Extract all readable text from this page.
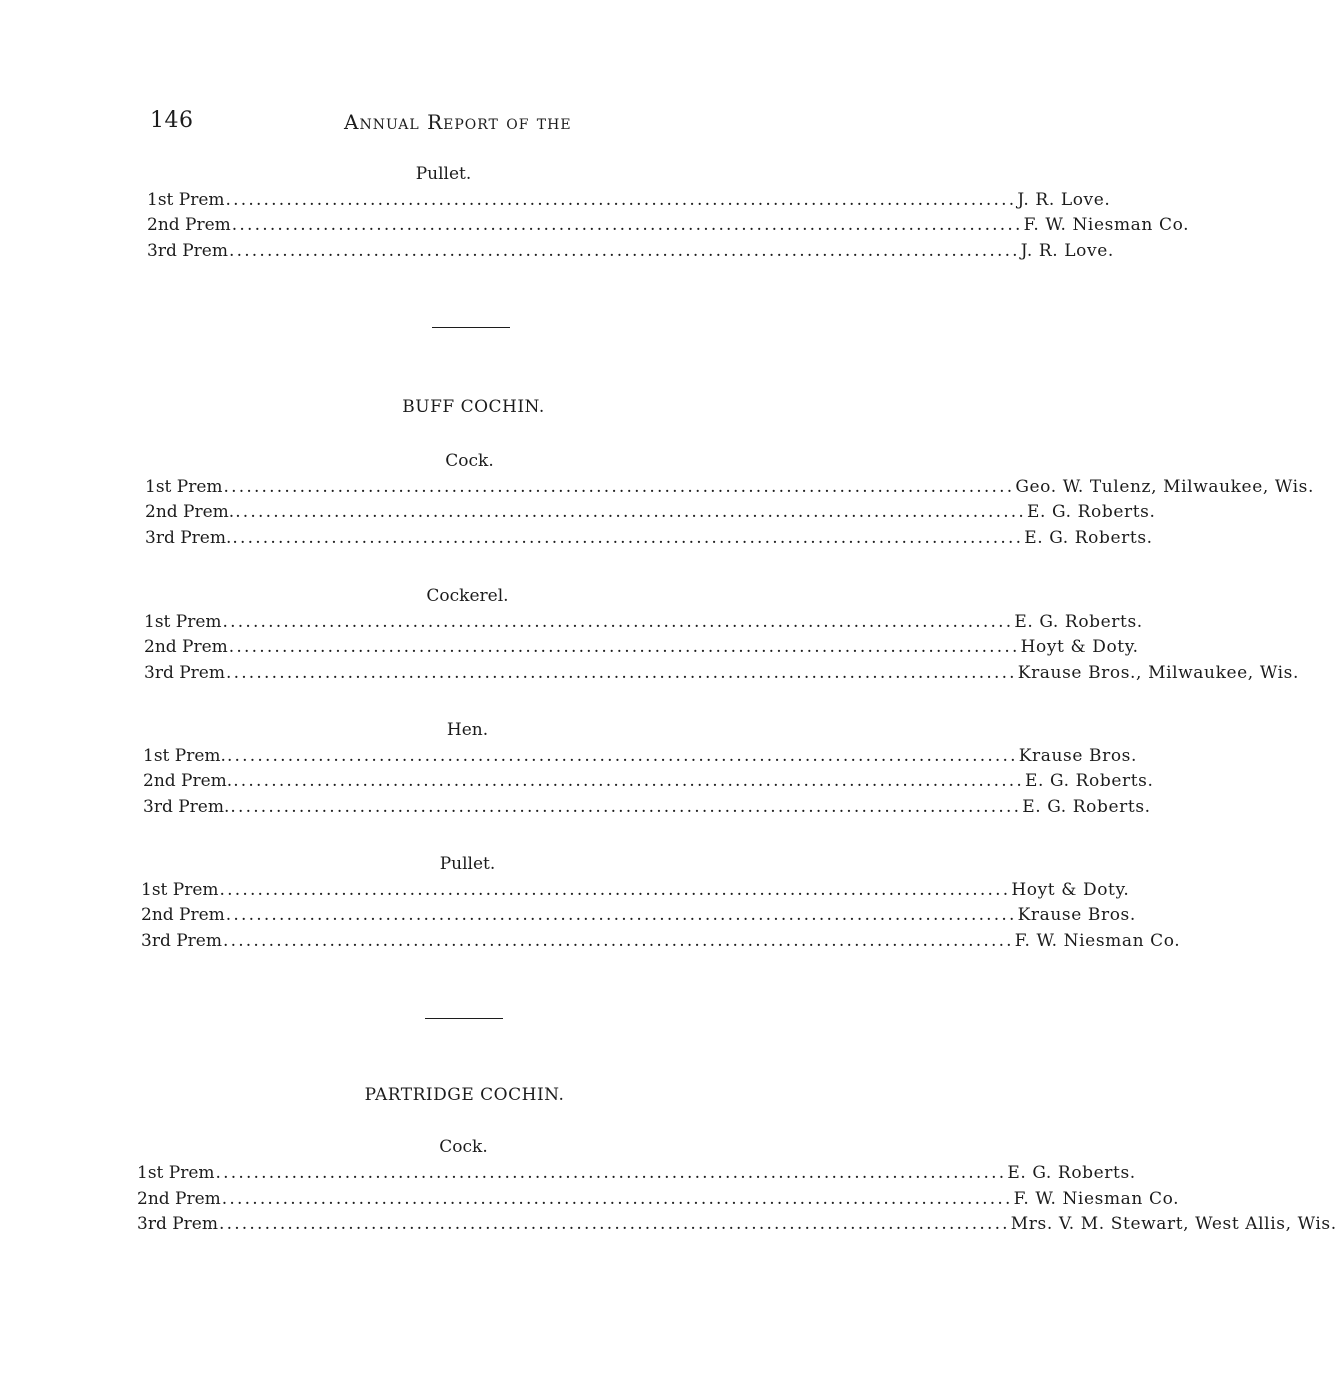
146	Annual Report of the
Pullet.
1st Prem ........................................................................................................ J. R. Love.
2nd Prem ........................................................................................................ F. W. Niesman Co.
3rd Prem ........................................................................................................ J. R. Love.
BUFF COCHIN.
Cock.
1st Prem ........................................................................................................ Geo. W. Tulenz, Milwaukee, Wis.
2nd Prem. ........................................................................................................ E. G. Roberts.
3rd Prem. ........................................................................................................ E. G. Roberts.
Cockerel.
1st Prem ........................................................................................................ E. G. Roberts.
2nd Prem ........................................................................................................ Hoyt & Doty.
3rd Prem ........................................................................................................ Krause Bros., Milwaukee, Wis.
Hen.
1st Prem. ........................................................................................................ Krause Bros.
2nd Prem. ........................................................................................................ E. G. Roberts.
3rd Prem. ........................................................................................................ E. G. Roberts.
Pullet.
1st Prem ........................................................................................................ Hoyt & Doty.
2nd Prem ........................................................................................................ Krause Bros.
3rd Prem ........................................................................................................ F. W. Niesman Co.
PARTRIDGE COCHIN.
Cock.
1st Prem ........................................................................................................ E. G. Roberts.
2nd Prem ........................................................................................................ F. W. Niesman Co.
3rd Prem ........................................................................................................ Mrs. V. M. Stewart, West Allis, Wis.
